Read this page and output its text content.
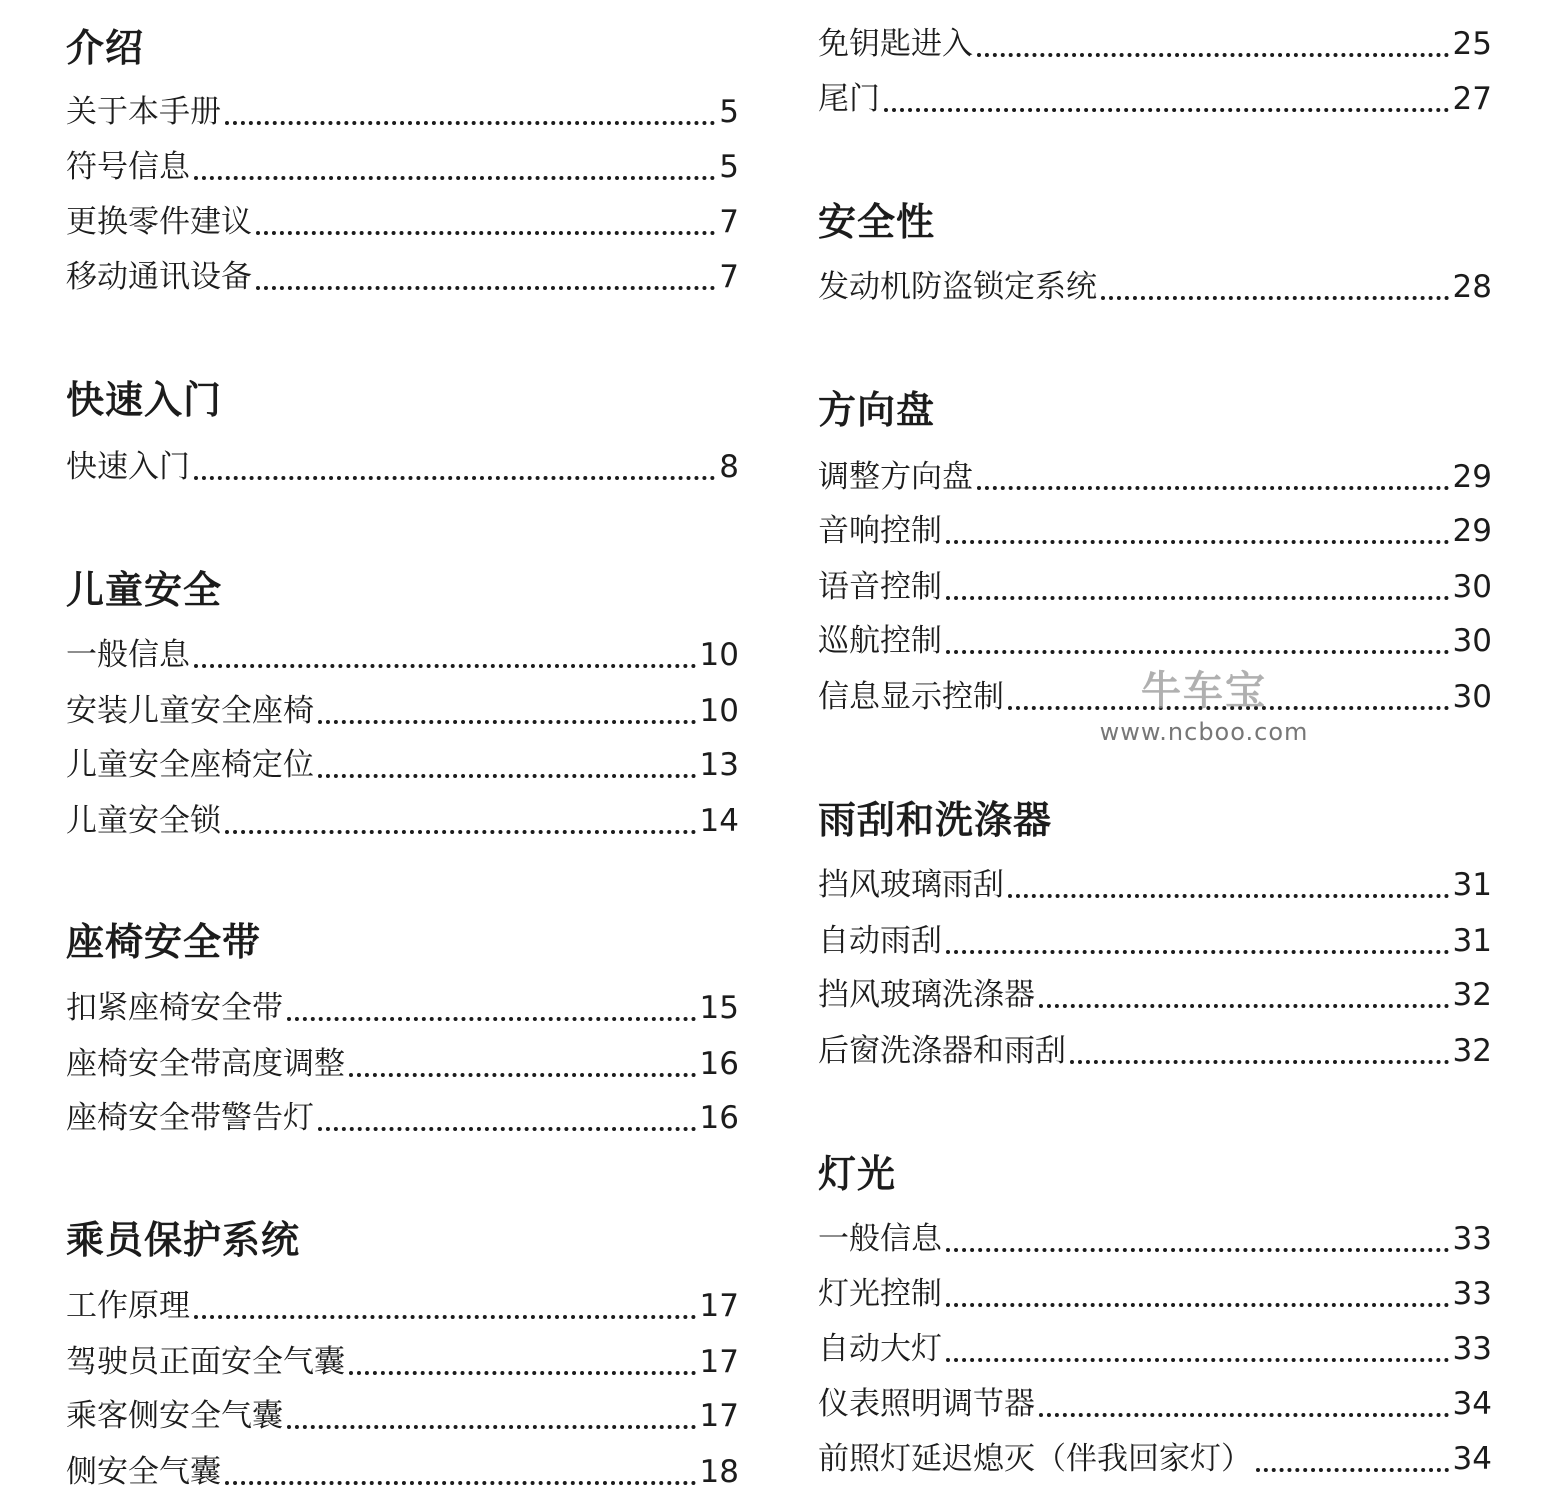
介绍
关于本手册	5
符号信息	5
更换零件建议	7
移动通讯设备	7
快速入门
快速入门	8
儿童安全
一般信息	10
安装儿童安全座椅	10
儿童安全座椅定位	13
儿童安全锁	14
座椅安全带
扣紧座椅安全带	15
座椅安全带高度调整	16
座椅安全带警告灯	16
乘员保护系统
工作原理	17
驾驶员正面安全气囊	17
乘客侧安全气囊	17
侧安全气囊	18
免钥匙进入	25
尾门	27
安全性
发动机防盗锁定系统	28
方向盘
调整方向盘	29
音响控制	29
语音控制	30
巡航控制	30
信息显示控制	30
雨刮和洗涤器
挡风玻璃雨刮	31
自动雨刮	31
挡风玻璃洗涤器	32
后窗洗涤器和雨刮	32
灯光
一般信息	33
灯光控制	33
自动大灯	33
仪表照明调节器	34
前照灯延迟熄灭（伴我回家灯）	34
牛车宝
www.ncboo.com
